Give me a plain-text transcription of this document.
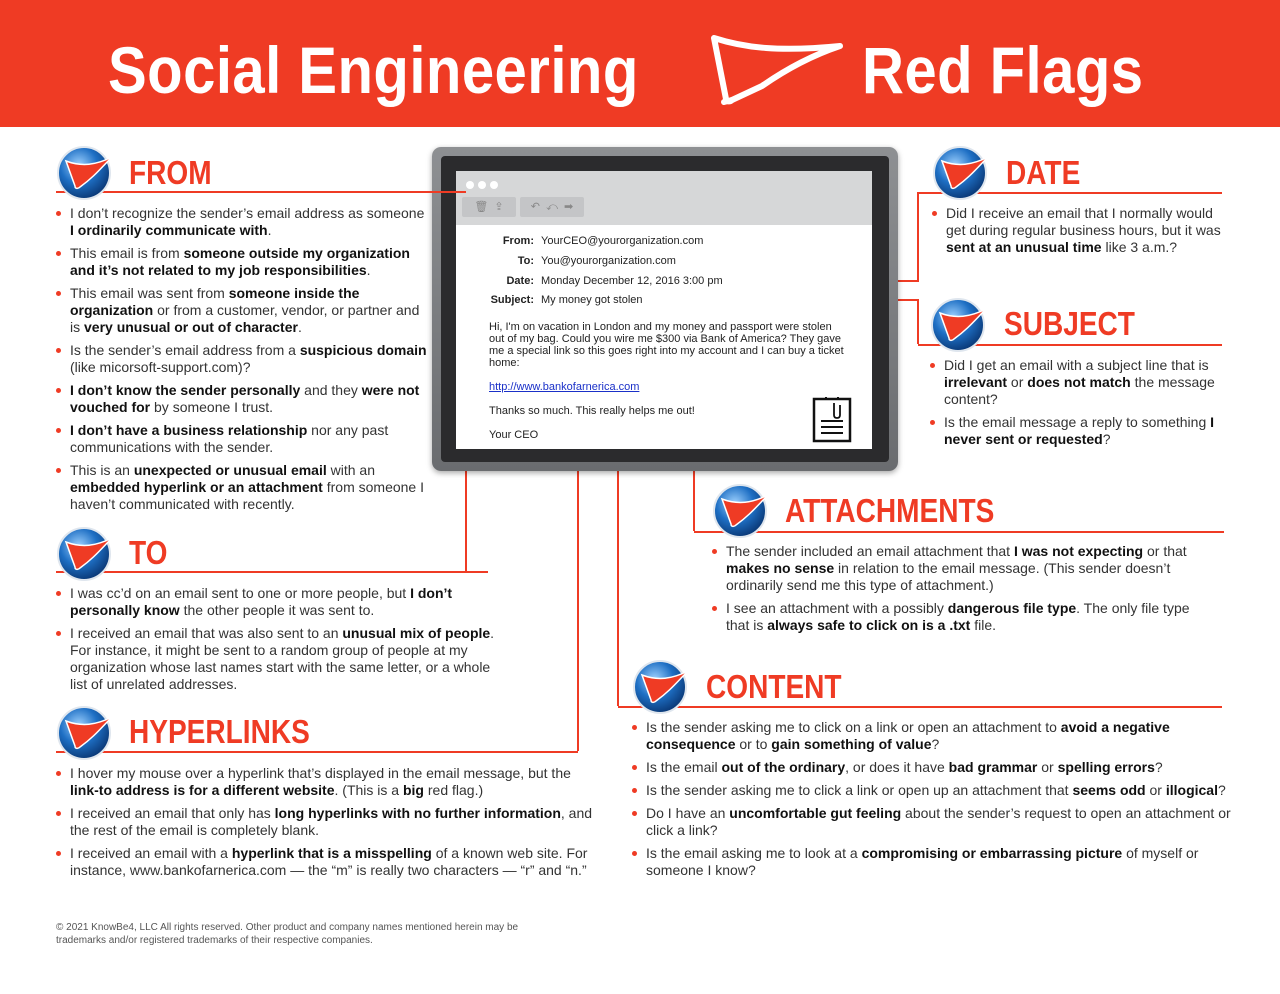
Social Engineering	Red Flags
🗑  ⇪	↶  ⤺  ➡
From: YourCEO@yourorganization.com
To: You@yourorganization.com
Date: Monday December 12, 2016 3:00 pm
Subject: My money got stolen
Hi, I'm on vacation in London and my money and passport were stolen out of my bag. Could you wire me $300 via Bank of America? They gave me a special link so this goes right into my account and I can buy a ticket home:
http://www.bankofarnerica.com
Thanks so much. This really helps me out!
Your CEO
FROM
I don’t recognize the sender’s email address as someone I ordinarily communicate with.
This email is from someone outside my organization and it’s not related to my job responsibilities.
This email was sent from someone inside the organization or from a customer, vendor, or partner and is very unusual or out of character.
Is the sender’s email address from a suspicious domain (like micorsoft-support.com)?
I don’t know the sender personally and they were not vouched for by someone I trust.
I don’t have a business relationship nor any past communications with the sender.
This is an unexpected or unusual email with an embedded hyperlink or an attachment from someone I haven’t communicated with recently.
TO
I was cc’d on an email sent to one or more people, but I don’t personally know the other people it was sent to.
I received an email that was also sent to an unusual mix of people. For instance, it might be sent to a random group of people at my organization whose last names start with the same letter, or a whole list of unrelated addresses.
HYPERLINKS
I hover my mouse over a hyperlink that’s displayed in the email message, but the link-to address is for a different website. (This is a big red flag.)
I received an email that only has long hyperlinks with no further information, and the rest of the email is completely blank.
I received an email with a hyperlink that is a misspelling of a known web site. For instance, www.bankofarnerica.com — the “m” is really two characters — “r” and “n.”
DATE
Did I receive an email that I normally would get during regular business hours, but it was sent at an unusual time like 3 a.m.?
SUBJECT
Did I get an email with a subject line that is irrelevant or does not match the message content?
Is the email message a reply to something I never sent or requested?
ATTACHMENTS
The sender included an email attachment that I was not expecting or that makes no sense in relation to the email message. (This sender doesn’t ordinarily send me this type of attachment.)
I see an attachment with a possibly dangerous file type. The only file type that is always safe to click on is a .txt file.
CONTENT
Is the sender asking me to click on a link or open an attachment to avoid a negative consequence or to gain something of value?
Is the email out of the ordinary, or does it have bad grammar or spelling errors?
Is the sender asking me to click a link or open up an attachment that seems odd or illogical?
Do I have an uncomfortable gut feeling about the sender’s request to open an attachment or click a link?
Is the email asking me to look at a compromising or embarrassing picture of myself or someone I know?
© 2021 KnowBe4, LLC All rights reserved. Other product and company names mentioned herein may be trademarks and/or registered trademarks of their respective companies.
